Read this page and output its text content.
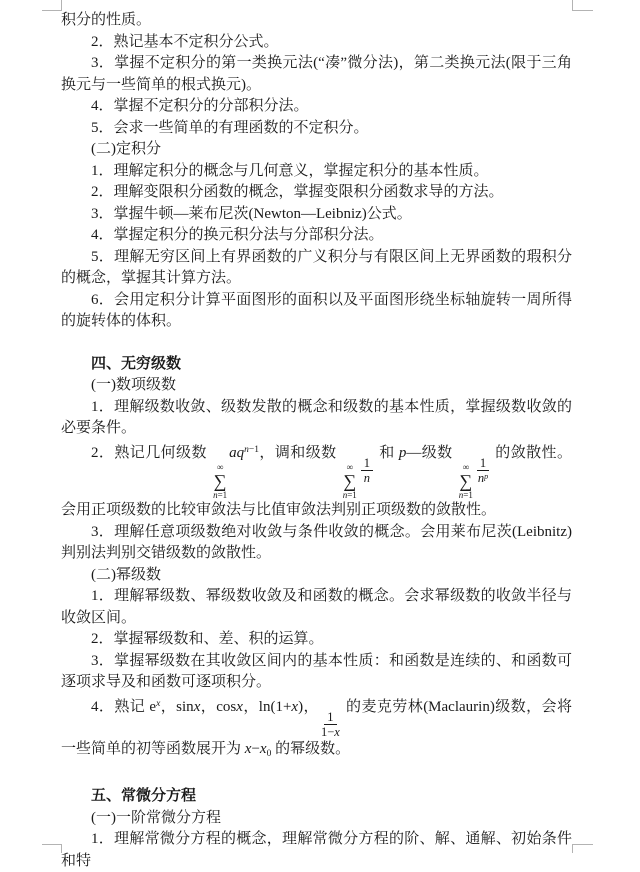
积分的性质。

2．熟记基本不定积分公式。

3．掌握不定积分的第一类换元法(“凑”微分法)，第二类换元法(限于三角换元与一些简单的根式换元)。

4．掌握不定积分的分部积分法。

5．会求一些简单的有理函数的不定积分。

(二)定积分

1．理解定积分的概念与几何意义，掌握定积分的基本性质。

2．理解变限积分函数的概念，掌握变限积分函数求导的方法。

3．掌握牛顿—莱布尼茨(Newton—Leibniz)公式。

4．掌握定积分的换元积分法与分部积分法。

5．理解无穷区间上有界函数的广义积分与有限区间上无界函数的瑕积分的概念，掌握其计算方法。

6．会用定积分计算平面图形的面积以及平面图形绕坐标轴旋转一周所得的旋转体的体积。

四、无穷级数

(一)数项级数

1．理解级数收敛、级数发散的概念和级数的基本性质，掌握级数收敛的必要条件。

2．熟记几何级数
∞
∑
n=1
$aq^{n-1}$，调和级数
∞
∑
n=1
$\frac{1}{n}$
和 p—级数
∞
∑
n=1
$\frac{1}{n^p}$
的敛散性。会用正项级数的比较审敛法与比值审敛法判别正项级数的敛散性。

3．理解任意项级数绝对收敛与条件收敛的概念。会用莱布尼茨(Leibnitz) 判别法判别交错级数的敛散性。

(二)幂级数

1．理解幂级数、幂级数收敛及和函数的概念。会求幂级数的收敛半径与收敛区间。

2．掌握幂级数和、差、积的运算。

3．掌握幂级数在其收敛区间内的基本性质：和函数是连续的、和函数可逐项求导及和函数可逐项积分。

4．熟记 $e^x$，sinx，cosx，ln(1+x)，
$\frac{1}{1-x}$
的麦克劳林(Maclaurin)级数，会将一些简单的初等函数展开为 $x-x_0$ 的幂级数。

五、常微分方程

(一)一阶常微分方程

1．理解常微分方程的概念，理解常微分方程的阶、解、通解、初始条件和特
